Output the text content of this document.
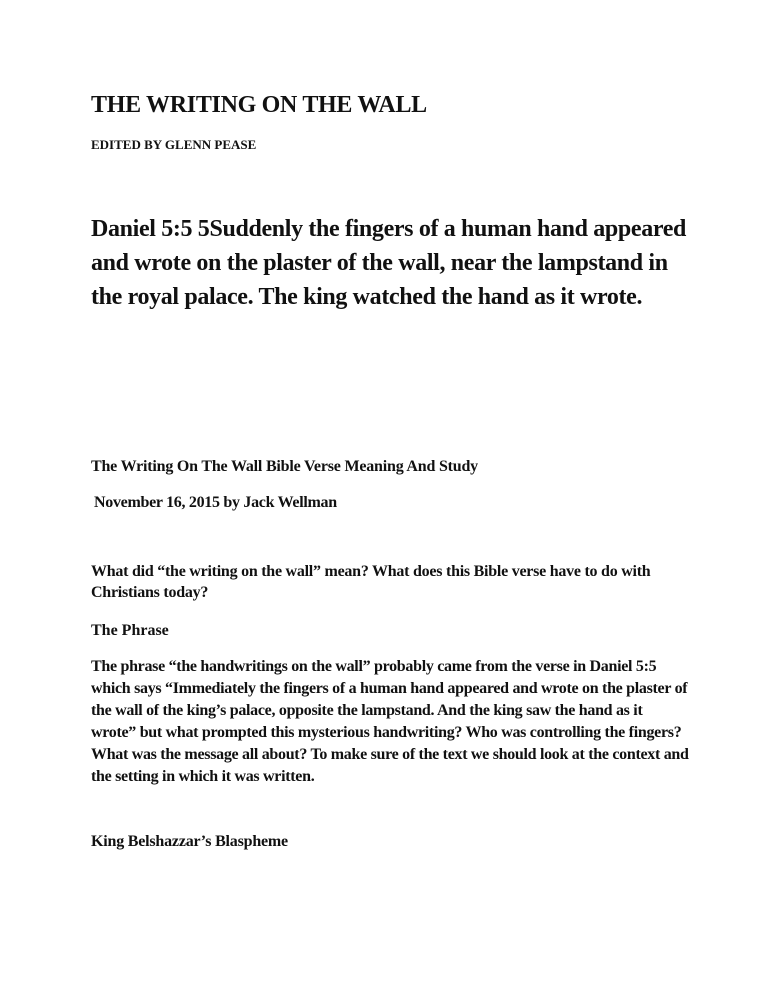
THE WRITING ON THE WALL
EDITED BY GLENN PEASE
Daniel 5:5 5Suddenly the fingers of a human hand appeared and wrote on the plaster of the wall, near the lampstand in the royal palace. The king watched the hand as it wrote.
The Writing On The Wall Bible Verse Meaning And Study
November 16, 2015 by Jack Wellman
What did “the writing on the wall” mean? What does this Bible verse have to do with Christians today?
The Phrase
The phrase “the handwritings on the wall” probably came from the verse in Daniel 5:5 which says “Immediately the fingers of a human hand appeared and wrote on the plaster of the wall of the king’s palace, opposite the lampstand. And the king saw the hand as it wrote” but what prompted this mysterious handwriting? Who was controlling the fingers? What was the message all about? To make sure of the text we should look at the context and the setting in which it was written.
King Belshazzar’s Blaspheme
